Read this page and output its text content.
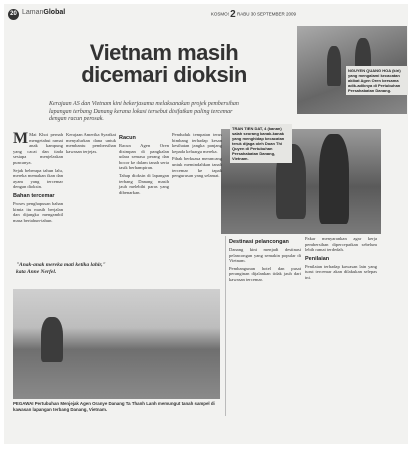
20 LamanGlobal	KOSMO! 2 RABU 30 SEPTEMBER 2009
Vietnam masih
dicemari dioksin
Kerajaan AS dan Vietnam kini bekerjasama melaksanakan projek pembersihan lapangan terbang Danang kerana lokasi tersebut disifatkan paling tercemar dengan racun perosak.
NGUYEN QUANG HOA (kiri) yang mengalami kecacatan akibat Agen Oren bersama adik-adiknya di Pertubuhan Persahabatan Danang.
TRAN TIEN DAT, 4 (kanan) salah seorang kanak-kanak yang menghidap kecacatan teruk dijaga oleh Doan Thi Quyen di Pertubuhan Persahabatan Danang, Vietnam.

M Mai Khoi pernah mengetahui ramai anak kampung yang cacat dan tiada sesiapa menjelaskan puncanya.

Sejak beberapa tahun lalu, mereka memakan ikan dan ayam yang tercemar dengan dioksin.

Bahan tercemar

Proses penghapusan bahan kimia itu masih berjalan dan dijangka mengambil masa bertahun-tahun.

"Anak-anak mereka mati ketika lahir," kata Anne Nerfel.

Kerajaan Amerika Syarikat menyalurkan dana untuk membantu pembersihan kawasan terjejas.

Racun

Racun Agen Oren disimpan di pangkalan udara semasa perang dan bocor ke dalam tanah serta tasik berhampiran.

Tahap dioksin di lapangan terbang Danang masih jauh melebihi paras yang dibenarkan.

Penduduk tempatan terus bimbang terhadap kesan kesihatan jangka panjang kepada keluarga mereka.

Pihak berkuasa merancang untuk memindahkan tanah tercemar ke tapak pengurusan yang selamat.

Destinasi pelancongan

Danang kini menjadi destinasi pelancongan yang semakin popular di Vietnam.

Pembangunan hotel dan pusat peranginan dijalankan tidak jauh dari kawasan tercemar.

Pakar menyarankan agar kerja pembersihan dipercepatkan sebelum lebih ramai terdedah.

Penilaian

Penilaian terhadap kawasan lain yang turut tercemar akan dilakukan selepas ini.

PEGAWAI Pertubuhan Menjejak Agen Oranye Danang Ta Thanh Lanh memungut tanah sampel di kawasan lapangan terbang Danang, Vietnam.
